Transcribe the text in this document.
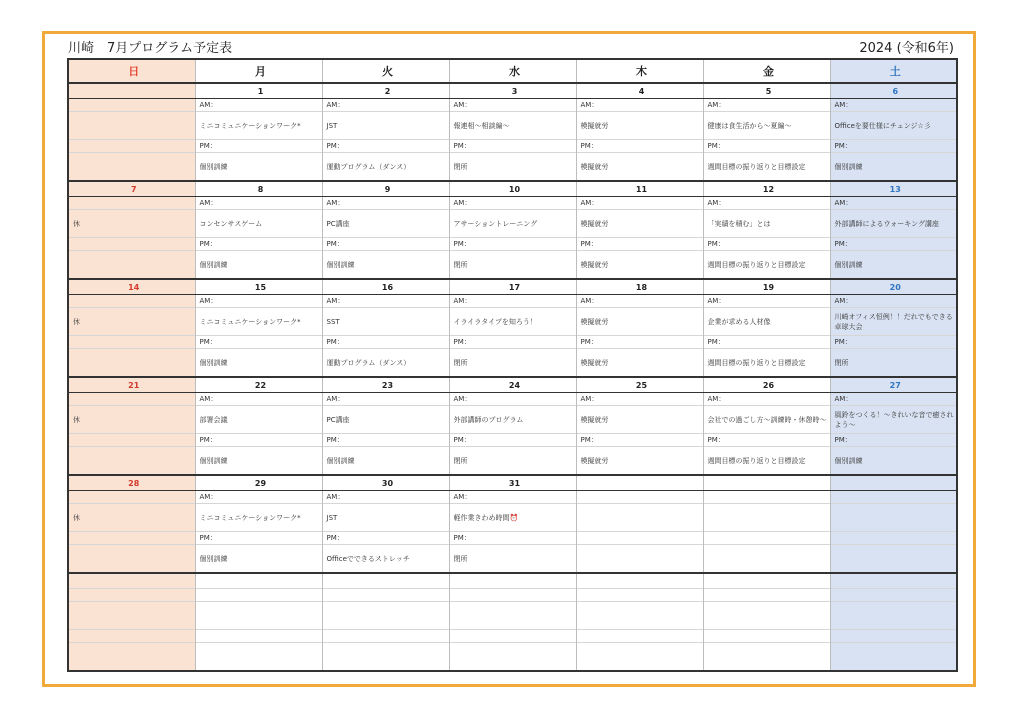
川崎　7月プログラム予定表	2024 (令和6年)
日	月	火	水	木	金	土
	1	2	3	4	5	6
	AM：	AM：	AM：	AM：	AM：	AM：
	ミニコミュニケーションワーク*	JST	報連相〜相談編〜	模擬就労	健康は食生活から〜夏編〜	Officeを要仕様にチェンジ☆彡
	PM：	PM：	PM：	PM：	PM：	PM：
	個別訓練	運動プログラム（ダンス）	閉所	模擬就労	週間目標の振り返りと目標設定	個別訓練
7	8	9	10	11	12	13
	AM：	AM：	AM：	AM：	AM：	AM：
休	コンセンサスゲーム	PC講座	アサーショントレーニング	模擬就労	「実績を積む」とは	外部講師によるウォーキング講座
	PM：	PM：	PM：	PM：	PM：	PM：
	個別訓練	個別訓練	閉所	模擬就労	週間目標の振り返りと目標設定	個別訓練
14	15	16	17	18	19	20
	AM：	AM：	AM：	AM：	AM：	AM：
休	ミニコミュニケーションワーク*	SST	イライラタイプを知ろう！	模擬就労	企業が求める人材像	川崎オフィス恒例！！だれでもできる卓球大会
	PM：	PM：	PM：	PM：	PM：	PM：
	個別訓練	運動プログラム（ダンス）	閉所	模擬就労	週間目標の振り返りと目標設定	閉所
21	22	23	24	25	26	27
	AM：	AM：	AM：	AM：	AM：	AM：
休	部署会議	PC講座	外部講師のプログラム	模擬就労	会社での過ごし方〜訓練時・休憩時〜	風鈴をつくる！〜きれいな音で癒されよう〜
	PM：	PM：	PM：	PM：	PM：	PM：
	個別訓練	個別訓練	閉所	模擬就労	週間目標の振り返りと目標設定	個別訓練
28	29	30	31			
	AM：	AM：	AM：			
休	ミニコミュニケーションワーク*	JST	軽作業きわめ時間⏰			
	PM：	PM：	PM：			
	個別訓練	Officeでできるストレッチ	閉所			
